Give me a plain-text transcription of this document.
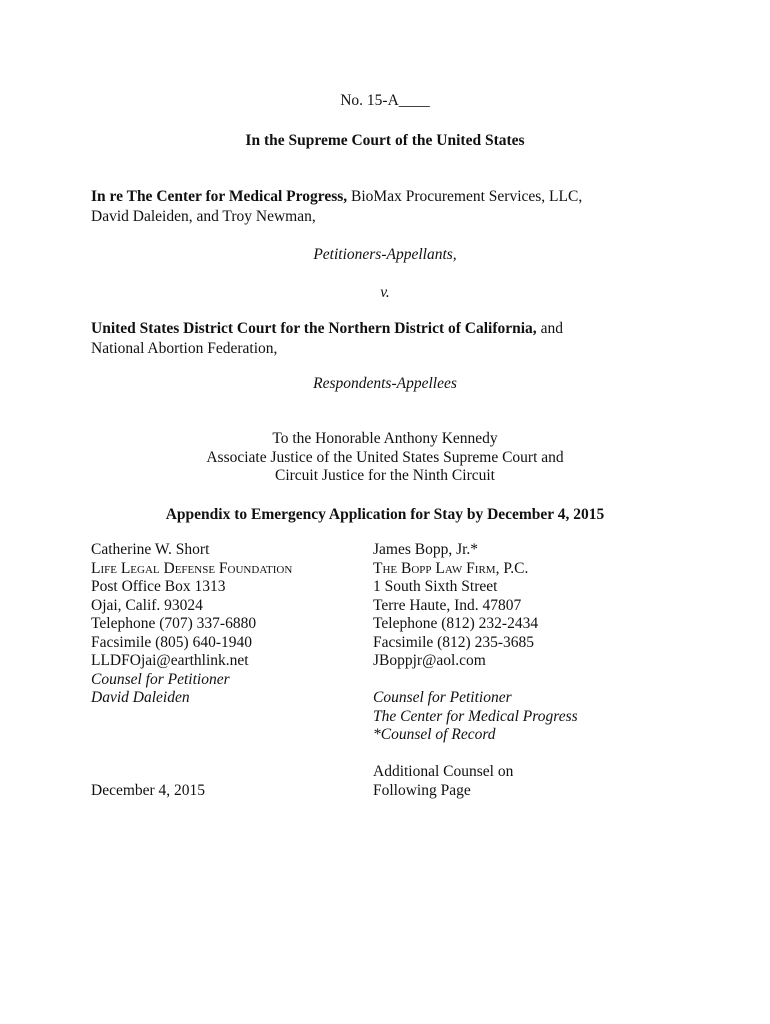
No. 15-A____
In the Supreme Court of the United States
In re The Center for Medical Progress, BioMax Procurement Services, LLC,
David Daleiden, and Troy Newman,
Petitioners-Appellants,
v.
United States District Court for the Northern District of California, and
National Abortion Federation,
Respondents-Appellees
To the Honorable Anthony Kennedy
Associate Justice of the United States Supreme Court and
Circuit Justice for the Ninth Circuit
Appendix to Emergency Application for Stay by December 4, 2015
Catherine W. Short
Life Legal Defense Foundation
Post Office Box 1313
Ojai, Calif. 93024
Telephone (707) 337-6880
Facsimile (805) 640-1940
LLDFOjai@earthlink.net
Counsel for Petitioner
David Daleiden
December 4, 2015
James Bopp, Jr.*
The Bopp Law Firm, P.C.
1 South Sixth Street
Terre Haute, Ind. 47807
Telephone (812) 232-2434
Facsimile (812) 235-3685
JBoppjr@aol.com
Counsel for Petitioner
The Center for Medical Progress
*Counsel of Record
Additional Counsel on
Following Page
